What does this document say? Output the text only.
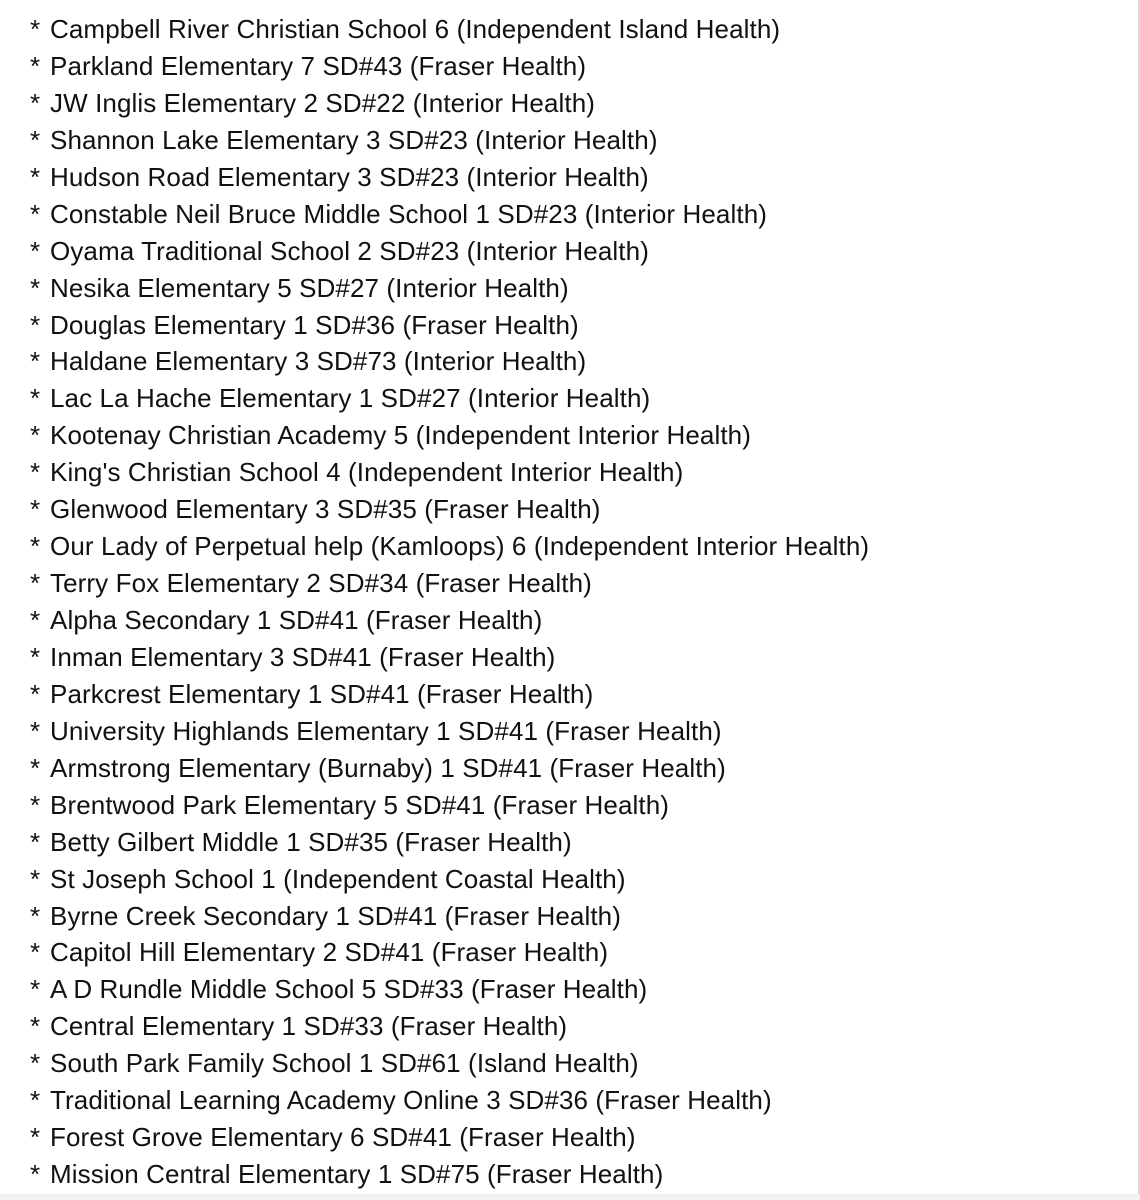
* Campbell River Christian School 6 (Independent Island Health)
* Parkland Elementary 7 SD#43 (Fraser Health)
* JW Inglis Elementary 2 SD#22 (Interior Health)
* Shannon Lake Elementary 3 SD#23 (Interior Health)
* Hudson Road Elementary 3 SD#23 (Interior Health)
* Constable Neil Bruce Middle School 1 SD#23 (Interior Health)
* Oyama Traditional School 2 SD#23 (Interior Health)
* Nesika Elementary 5 SD#27 (Interior Health)
* Douglas Elementary 1 SD#36 (Fraser Health)
* Haldane Elementary 3 SD#73 (Interior Health)
* Lac La Hache Elementary 1 SD#27 (Interior Health)
* Kootenay Christian Academy 5 (Independent Interior Health)
* King's Christian School 4 (Independent Interior Health)
* Glenwood Elementary 3 SD#35 (Fraser Health)
* Our Lady of Perpetual help (Kamloops) 6 (Independent Interior Health)
* Terry Fox Elementary 2 SD#34 (Fraser Health)
* Alpha Secondary 1 SD#41 (Fraser Health)
* Inman Elementary 3 SD#41 (Fraser Health)
* Parkcrest Elementary 1 SD#41 (Fraser Health)
* University Highlands Elementary 1 SD#41 (Fraser Health)
* Armstrong Elementary (Burnaby) 1 SD#41 (Fraser Health)
* Brentwood Park Elementary 5 SD#41 (Fraser Health)
* Betty Gilbert Middle 1 SD#35 (Fraser Health)
* St Joseph School 1 (Independent Coastal Health)
* Byrne Creek Secondary 1 SD#41 (Fraser Health)
* Capitol Hill Elementary 2 SD#41 (Fraser Health)
* A D Rundle Middle School 5 SD#33 (Fraser Health)
* Central Elementary 1 SD#33 (Fraser Health)
* South Park Family School 1 SD#61 (Island Health)
* Traditional Learning Academy Online 3 SD#36 (Fraser Health)
* Forest Grove Elementary 6 SD#41 (Fraser Health)
* Mission Central Elementary 1 SD#75 (Fraser Health)
